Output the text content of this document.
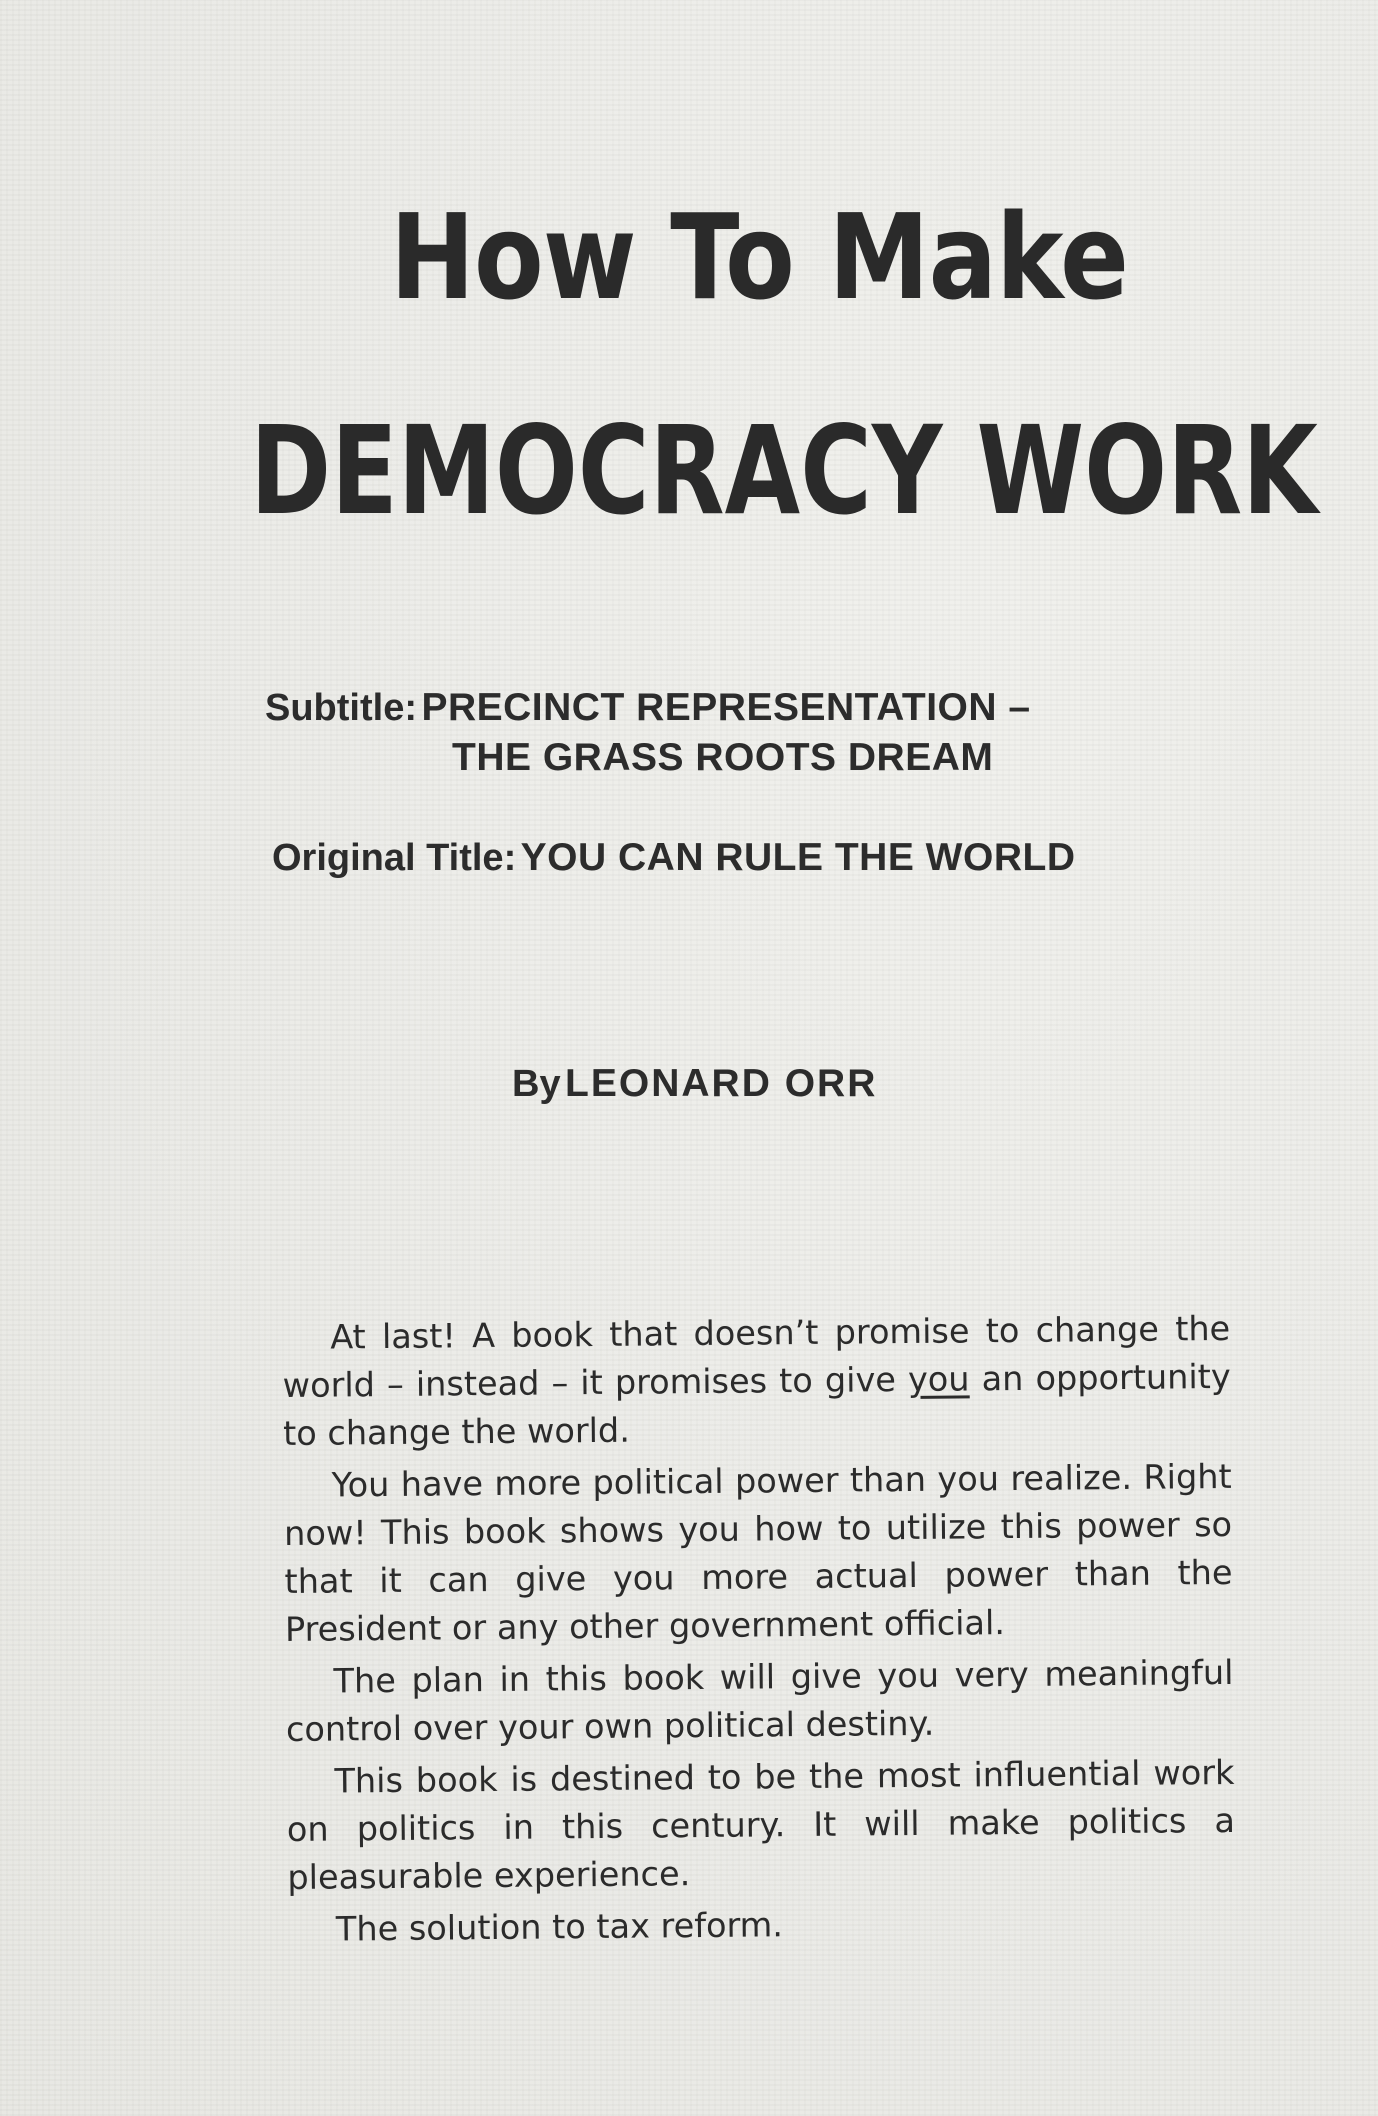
How To Make
DEMOCRACY WORK
Subtitle: PRECINCT REPRESENTATION –
THE GRASS ROOTS DREAM
Original Title: YOU CAN RULE THE WORLD
By LEONARD ORR

At last! A book that doesn’t promise to change the world – instead – it promises to give you an opportunity to change the world.

You have more political power than you realize. Right now! This book shows you how to utilize this power so that it can give you more actual power than the President or any other government official.

The plan in this book will give you very meaningful control over your own political destiny.

This book is destined to be the most influential work on politics in this century. It will make politics a pleasurable experience.

The solution to tax reform.
